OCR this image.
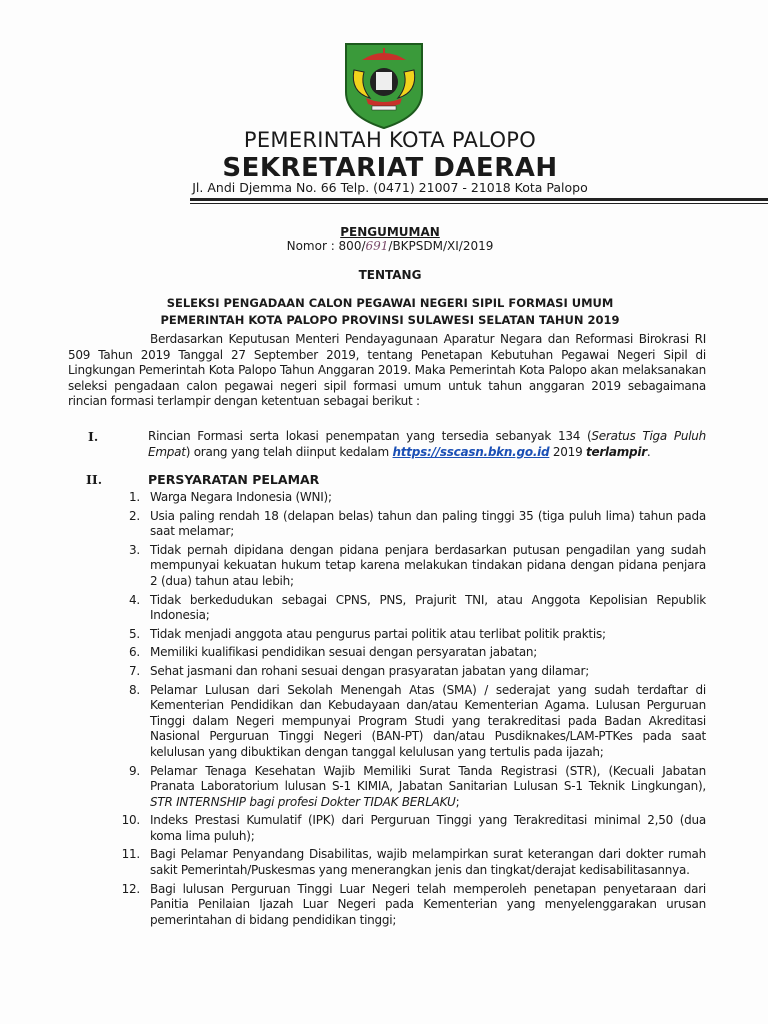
PEMERINTAH KOTA PALOPO
SEKRETARIAT DAERAH
Jl. Andi Djemma No. 66 Telp. (0471) 21007 - 21018 Kota Palopo
PENGUMUMAN
Nomor : 800/691/BKPSDM/XI/2019
TENTANG
SELEKSI PENGADAAN CALON PEGAWAI NEGERI SIPIL FORMASI UMUM
PEMERINTAH KOTA PALOPO PROVINSI SULAWESI SELATAN TAHUN 2019
Berdasarkan Keputusan Menteri Pendayagunaan Aparatur Negara dan Reformasi Birokrasi RI 509 Tahun 2019 Tanggal 27 September 2019, tentang Penetapan Kebutuhan Pegawai Negeri Sipil di Lingkungan Pemerintah Kota Palopo Tahun Anggaran 2019. Maka Pemerintah Kota Palopo akan melaksanakan seleksi pengadaan calon pegawai negeri sipil formasi umum untuk tahun anggaran 2019 sebagaimana rincian formasi terlampir dengan ketentuan sebagai berikut :
I.	Rincian Formasi serta lokasi penempatan yang tersedia sebanyak 134 (Seratus Tiga Puluh Empat) orang yang telah diinput kedalam https://sscasn.bkn.go.id 2019 terlampir.
II.	PERSYARATAN PELAMAR
1. Warga Negara Indonesia (WNI);
2. Usia paling rendah 18 (delapan belas) tahun dan paling tinggi 35 (tiga puluh lima) tahun pada saat melamar;
3. Tidak pernah dipidana dengan pidana penjara berdasarkan putusan pengadilan yang sudah mempunyai kekuatan hukum tetap karena melakukan tindakan pidana dengan pidana penjara 2 (dua) tahun atau lebih;
4. Tidak berkedudukan sebagai CPNS, PNS, Prajurit TNI, atau Anggota Kepolisian Republik Indonesia;
5. Tidak menjadi anggota atau pengurus partai politik atau terlibat politik praktis;
6. Memiliki kualifikasi pendidikan sesuai dengan persyaratan jabatan;
7. Sehat jasmani dan rohani sesuai dengan prasyaratan jabatan yang dilamar;
8. Pelamar Lulusan dari Sekolah Menengah Atas (SMA) / sederajat yang sudah terdaftar di Kementerian Pendidikan dan Kebudayaan dan/atau Kementerian Agama. Lulusan Perguruan Tinggi dalam Negeri mempunyai Program Studi yang terakreditasi pada Badan Akreditasi Nasional Perguruan Tinggi Negeri (BAN-PT) dan/atau Pusdiknakes/LAM-PTKes pada saat kelulusan yang dibuktikan dengan tanggal kelulusan yang tertulis pada ijazah;
9. Pelamar Tenaga Kesehatan Wajib Memiliki Surat Tanda Registrasi (STR), (Kecuali Jabatan Pranata Laboratorium lulusan S-1 KIMIA, Jabatan Sanitarian Lulusan S-1 Teknik Lingkungan), STR INTERNSHIP bagi profesi Dokter TIDAK BERLAKU;
10. Indeks Prestasi Kumulatif (IPK) dari Perguruan Tinggi yang Terakreditasi minimal 2,50 (dua koma lima puluh);
11. Bagi Pelamar Penyandang Disabilitas, wajib melampirkan surat keterangan dari dokter rumah sakit Pemerintah/Puskesmas yang menerangkan jenis dan tingkat/derajat kedisabilitasannya.
12. Bagi lulusan Perguruan Tinggi Luar Negeri telah memperoleh penetapan penyetaraan dari Panitia Penilaian Ijazah Luar Negeri pada Kementerian yang menyelenggarakan urusan pemerintahan di bidang pendidikan tinggi;
